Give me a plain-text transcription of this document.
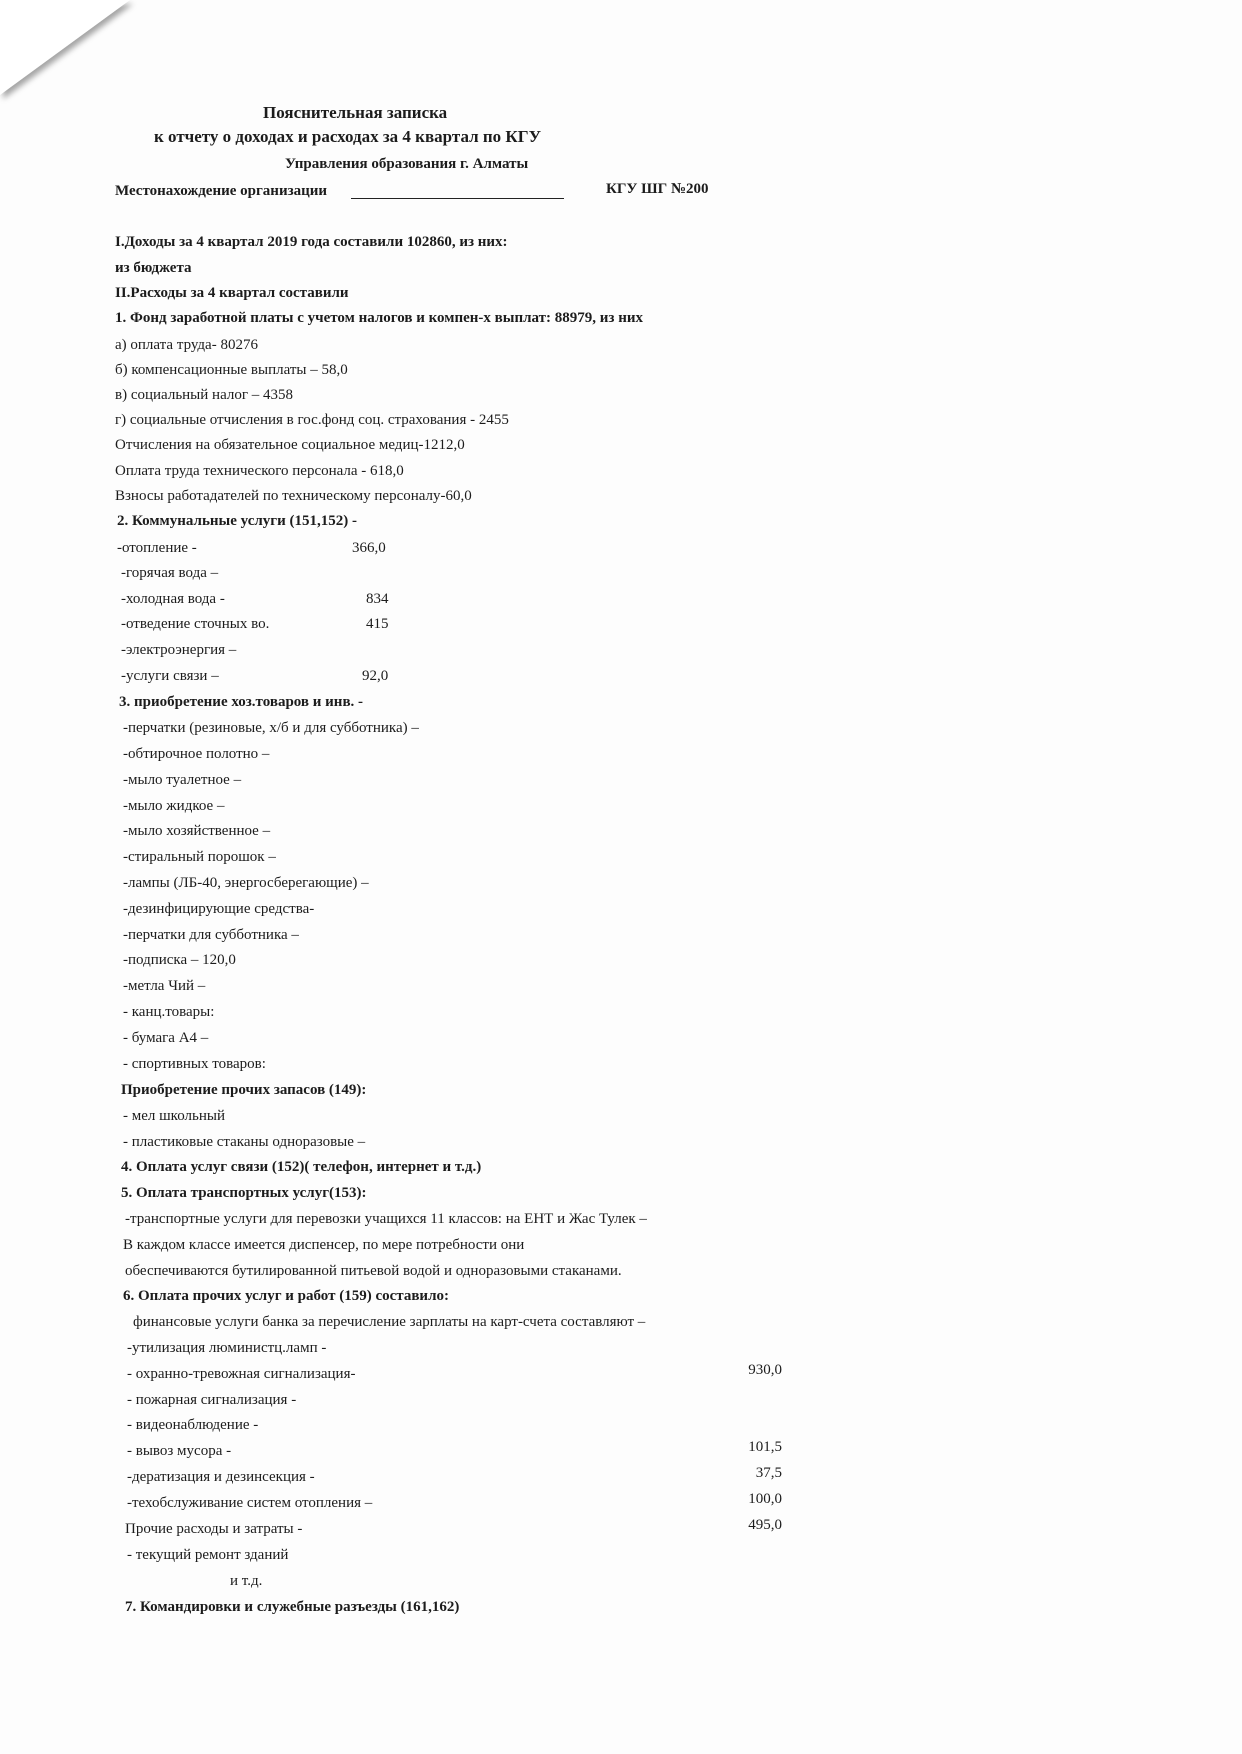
Пояснительная записка
к отчету о доходах и расходах за 4 квартал по КГУ
Управления образования г. Алматы
Местонахождение организации	КГУ ШГ №200
I.Доходы за 4 квартал 2019 года составили 102860, из них:
из бюджета
II.Расходы за 4 квартал составили
1. Фонд заработной платы с учетом налогов и компен-х выплат: 88979, из них
а) оплата труда- 80276
б) компенсационные выплаты – 58,0
в) социальный налог – 4358
г) социальные отчисления в гос.фонд соц. страхования - 2455
Отчисления на обязательное социальное медиц-1212,0
Оплата труда технического персонала - 618,0
Взносы работадателей по техническому персоналу-60,0
2. Коммунальные услуги (151,152) -
-отопление -	366,0
-горячая вода –
-холодная вода -	834
-отведение сточных во.	415
-электроэнергия –
-услуги связи –	92,0
3. приобретение хоз.товаров и инв. -
-перчатки (резиновые, х/б и для субботника) –
-обтирочное полотно –
-мыло туалетное –
-мыло жидкое –
-мыло хозяйственное –
-стиральный порошок –
-лампы (ЛБ-40, энергосберегающие) –
-дезинфицирующие средства-
-перчатки для субботника –
-подписка – 120,0
-метла Чий –
- канц.товары:
- бумага А4 –
- спортивных товаров:
Приобретение прочих запасов (149):
- мел школьный
- пластиковые стаканы одноразовые –
4. Оплата услуг связи (152)( телефон, интернет и т.д.)
5. Оплата транспортных услуг(153):
-транспортные услуги для перевозки учащихся 11 классов: на ЕНТ и Жас Тулек –
В каждом классе имеется диспенсер, по мере потребности они
обеспечиваются бутилированной питьевой водой и одноразовыми стаканами.
6. Оплата прочих услуг и работ (159) составило:
финансовые услуги банка за перечисление зарплаты на карт-счета составляют –
-утилизация люминистц.ламп -
- охранно-тревожная сигнализация-	930,0
- пожарная сигнализация -
- видеонаблюдение -
- вывоз мусора -	101,5
-дератизация и дезинсекция -	37,5
-техобслуживание систем отопления –	100,0
Прочие расходы и затраты -	495,0
- текущий ремонт зданий
и т.д.
7. Командировки и служебные разъезды (161,162)
